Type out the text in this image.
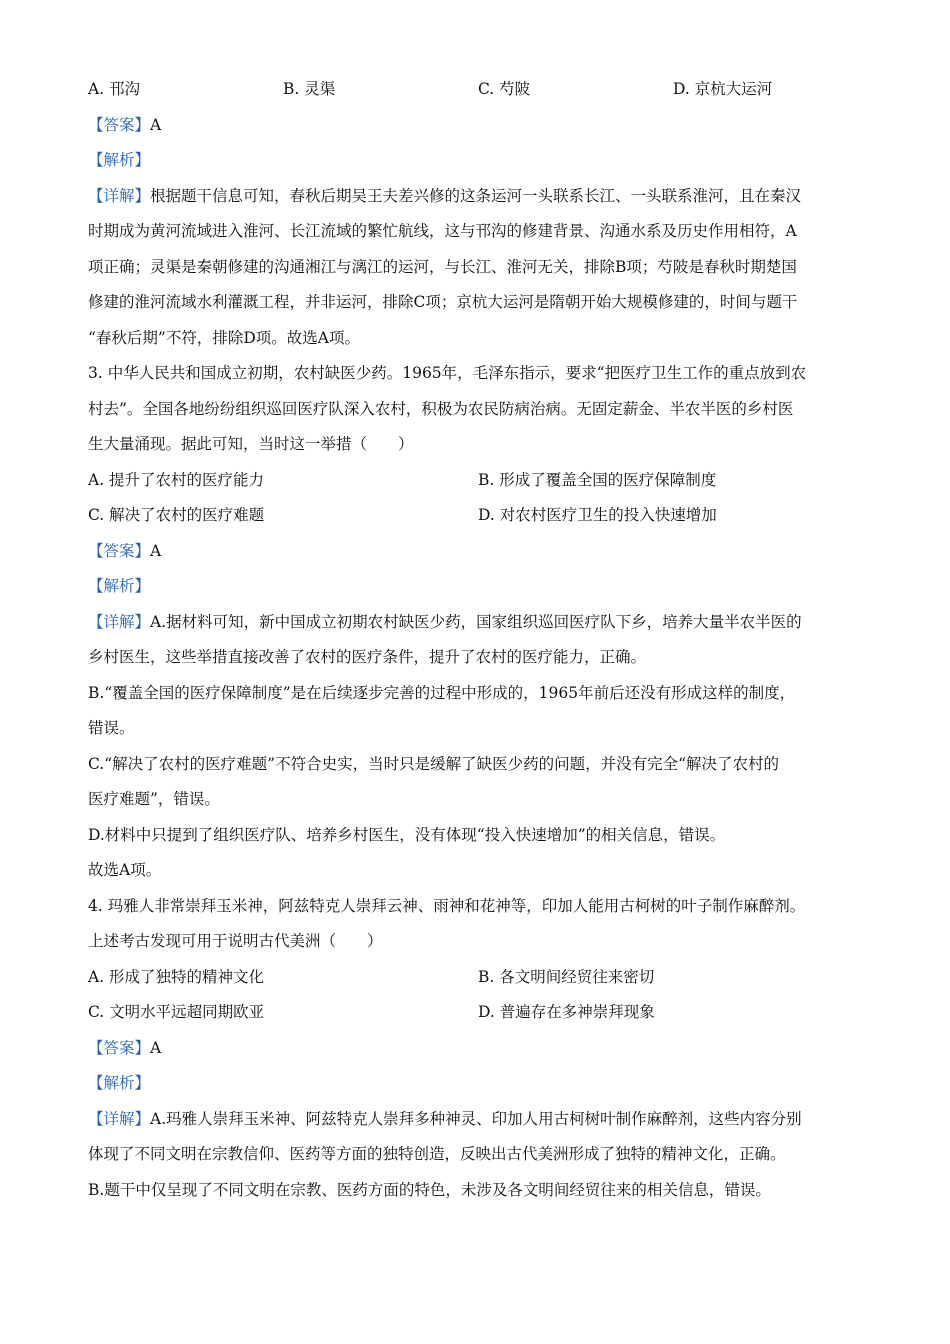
A. 邗沟	B. 灵渠	C. 芍陂	D. 京杭大运河
【答案】A
【解析】
【详解】根据题干信息可知，春秋后期吴王夫差兴修的这条运河一头联系长江、一头联系淮河，且在秦汉
时期成为黄河流域进入淮河、长江流域的繁忙航线，这与邗沟的修建背景、沟通水系及历史作用相符，A
项正确；灵渠是秦朝修建的沟通湘江与漓江的运河，与长江、淮河无关，排除B项；芍陂是春秋时期楚国
修建的淮河流域水利灌溉工程，并非运河，排除C项；京杭大运河是隋朝开始大规模修建的，时间与题干
“春秋后期”不符，排除D项。故选A项。
3. 中华人民共和国成立初期，农村缺医少药。1965年，毛泽东指示，要求“把医疗卫生工作的重点放到农
村去”。全国各地纷纷组织巡回医疗队深入农村，积极为农民防病治病。无固定薪金、半农半医的乡村医
生大量涌现。据此可知，当时这一举措（　　）
A. 提升了农村的医疗能力	B. 形成了覆盖全国的医疗保障制度
C. 解决了农村的医疗难题	D. 对农村医疗卫生的投入快速增加
【答案】A
【解析】
【详解】A.据材料可知，新中国成立初期农村缺医少药，国家组织巡回医疗队下乡，培养大量半农半医的
乡村医生，这些举措直接改善了农村的医疗条件，提升了农村的医疗能力，正确。
B.“覆盖全国的医疗保障制度”是在后续逐步完善的过程中形成的，1965年前后还没有形成这样的制度，
错误。
C.“解决了农村的医疗难题”不符合史实，当时只是缓解了缺医少药的问题，并没有完全“解决了农村的
医疗难题”，错误。
D.材料中只提到了组织医疗队、培养乡村医生，没有体现“投入快速增加”的相关信息，错误。
故选A项。
4. 玛雅人非常崇拜玉米神，阿兹特克人崇拜云神、雨神和花神等，印加人能用古柯树的叶子制作麻醉剂。
上述考古发现可用于说明古代美洲（　　）
A. 形成了独特的精神文化	B. 各文明间经贸往来密切
C. 文明水平远超同期欧亚	D. 普遍存在多神崇拜现象
【答案】A
【解析】
【详解】A.玛雅人崇拜玉米神、阿兹特克人崇拜多种神灵、印加人用古柯树叶制作麻醉剂，这些内容分别
体现了不同文明在宗教信仰、医药等方面的独特创造，反映出古代美洲形成了独特的精神文化，正确。
B.题干中仅呈现了不同文明在宗教、医药方面的特色，未涉及各文明间经贸往来的相关信息，错误。
